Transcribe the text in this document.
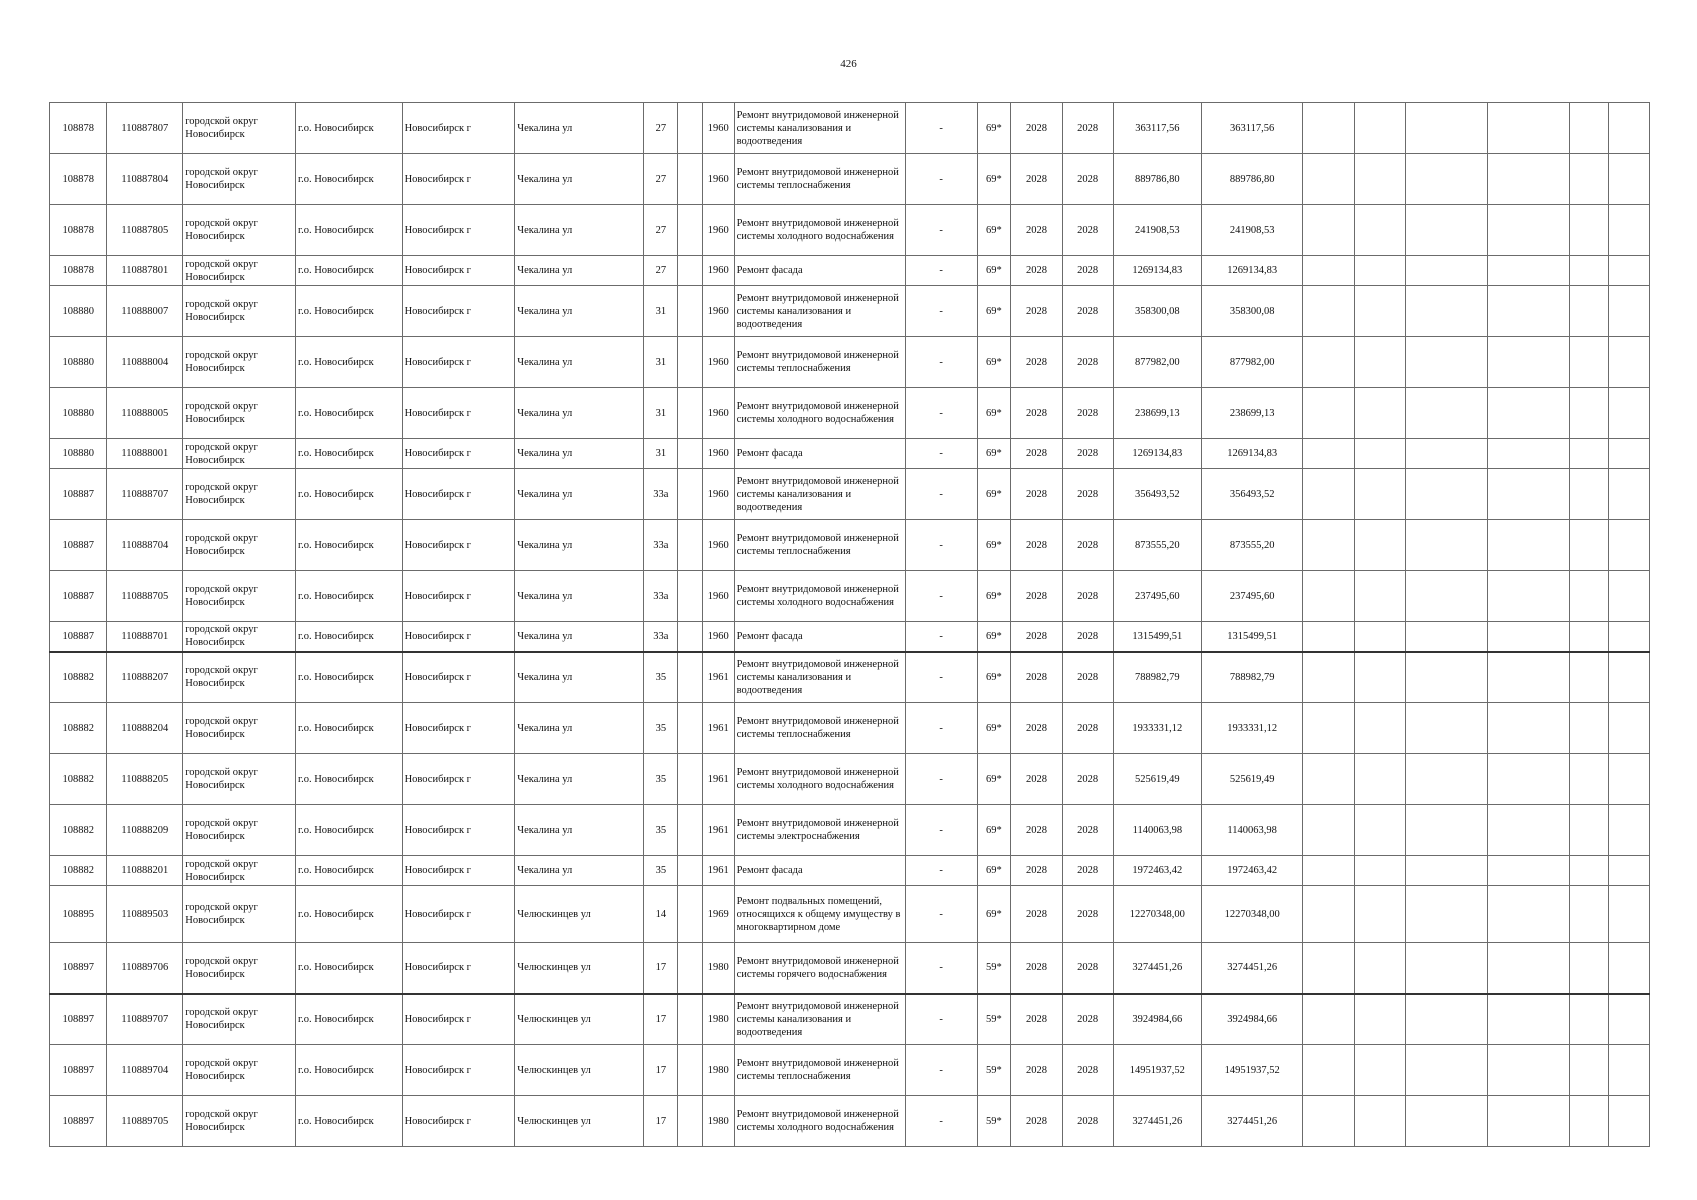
426
108878	110887807	городской округ Новосибирск	г.о. Новосибирск	Новосибирск г	Чекалина ул	27		1960	Ремонт внутридомовой инженерной системы канализования и водоотведения	-	69*	2028	2028	363117,56	363117,56						
108878	110887804	городской округ Новосибирск	г.о. Новосибирск	Новосибирск г	Чекалина ул	27		1960	Ремонт внутридомовой инженерной системы теплоснабжения	-	69*	2028	2028	889786,80	889786,80						
108878	110887805	городской округ Новосибирск	г.о. Новосибирск	Новосибирск г	Чекалина ул	27		1960	Ремонт внутридомовой инженерной системы холодного водоснабжения	-	69*	2028	2028	241908,53	241908,53						
108878	110887801	городской округ Новосибирск	г.о. Новосибирск	Новосибирск г	Чекалина ул	27		1960	Ремонт фасада	-	69*	2028	2028	1269134,83	1269134,83						
108880	110888007	городской округ Новосибирск	г.о. Новосибирск	Новосибирск г	Чекалина ул	31		1960	Ремонт внутридомовой инженерной системы канализования и водоотведения	-	69*	2028	2028	358300,08	358300,08						
108880	110888004	городской округ Новосибирск	г.о. Новосибирск	Новосибирск г	Чекалина ул	31		1960	Ремонт внутридомовой инженерной системы теплоснабжения	-	69*	2028	2028	877982,00	877982,00						
108880	110888005	городской округ Новосибирск	г.о. Новосибирск	Новосибирск г	Чекалина ул	31		1960	Ремонт внутридомовой инженерной системы холодного водоснабжения	-	69*	2028	2028	238699,13	238699,13						
108880	110888001	городской округ Новосибирск	г.о. Новосибирск	Новосибирск г	Чекалина ул	31		1960	Ремонт фасада	-	69*	2028	2028	1269134,83	1269134,83						
108887	110888707	городской округ Новосибирск	г.о. Новосибирск	Новосибирск г	Чекалина ул	33а		1960	Ремонт внутридомовой инженерной системы канализования и водоотведения	-	69*	2028	2028	356493,52	356493,52						
108887	110888704	городской округ Новосибирск	г.о. Новосибирск	Новосибирск г	Чекалина ул	33а		1960	Ремонт внутридомовой инженерной системы теплоснабжения	-	69*	2028	2028	873555,20	873555,20						
108887	110888705	городской округ Новосибирск	г.о. Новосибирск	Новосибирск г	Чекалина ул	33а		1960	Ремонт внутридомовой инженерной системы холодного водоснабжения	-	69*	2028	2028	237495,60	237495,60						
108887	110888701	городской округ Новосибирск	г.о. Новосибирск	Новосибирск г	Чекалина ул	33а		1960	Ремонт фасада	-	69*	2028	2028	1315499,51	1315499,51						
108882	110888207	городской округ Новосибирск	г.о. Новосибирск	Новосибирск г	Чекалина ул	35		1961	Ремонт внутридомовой инженерной системы канализования и водоотведения	-	69*	2028	2028	788982,79	788982,79						
108882	110888204	городской округ Новосибирск	г.о. Новосибирск	Новосибирск г	Чекалина ул	35		1961	Ремонт внутридомовой инженерной системы теплоснабжения	-	69*	2028	2028	1933331,12	1933331,12						
108882	110888205	городской округ Новосибирск	г.о. Новосибирск	Новосибирск г	Чекалина ул	35		1961	Ремонт внутридомовой инженерной системы холодного водоснабжения	-	69*	2028	2028	525619,49	525619,49						
108882	110888209	городской округ Новосибирск	г.о. Новосибирск	Новосибирск г	Чекалина ул	35		1961	Ремонт внутридомовой инженерной системы электроснабжения	-	69*	2028	2028	1140063,98	1140063,98						
108882	110888201	городской округ Новосибирск	г.о. Новосибирск	Новосибирск г	Чекалина ул	35		1961	Ремонт фасада	-	69*	2028	2028	1972463,42	1972463,42						
108895	110889503	городской округ Новосибирск	г.о. Новосибирск	Новосибирск г	Челюскинцев ул	14		1969	Ремонт подвальных помещений, относящихся к общему имуществу в многоквартирном доме	-	69*	2028	2028	12270348,00	12270348,00						
108897	110889706	городской округ Новосибирск	г.о. Новосибирск	Новосибирск г	Челюскинцев ул	17		1980	Ремонт внутридомовой инженерной системы горячего водоснабжения	-	59*	2028	2028	3274451,26	3274451,26						
108897	110889707	городской округ Новосибирск	г.о. Новосибирск	Новосибирск г	Челюскинцев ул	17		1980	Ремонт внутридомовой инженерной системы канализования и водоотведения	-	59*	2028	2028	3924984,66	3924984,66						
108897	110889704	городской округ Новосибирск	г.о. Новосибирск	Новосибирск г	Челюскинцев ул	17		1980	Ремонт внутридомовой инженерной системы теплоснабжения	-	59*	2028	2028	14951937,52	14951937,52						
108897	110889705	городской округ Новосибирск	г.о. Новосибирск	Новосибирск г	Челюскинцев ул	17		1980	Ремонт внутридомовой инженерной системы холодного водоснабжения	-	59*	2028	2028	3274451,26	3274451,26						
